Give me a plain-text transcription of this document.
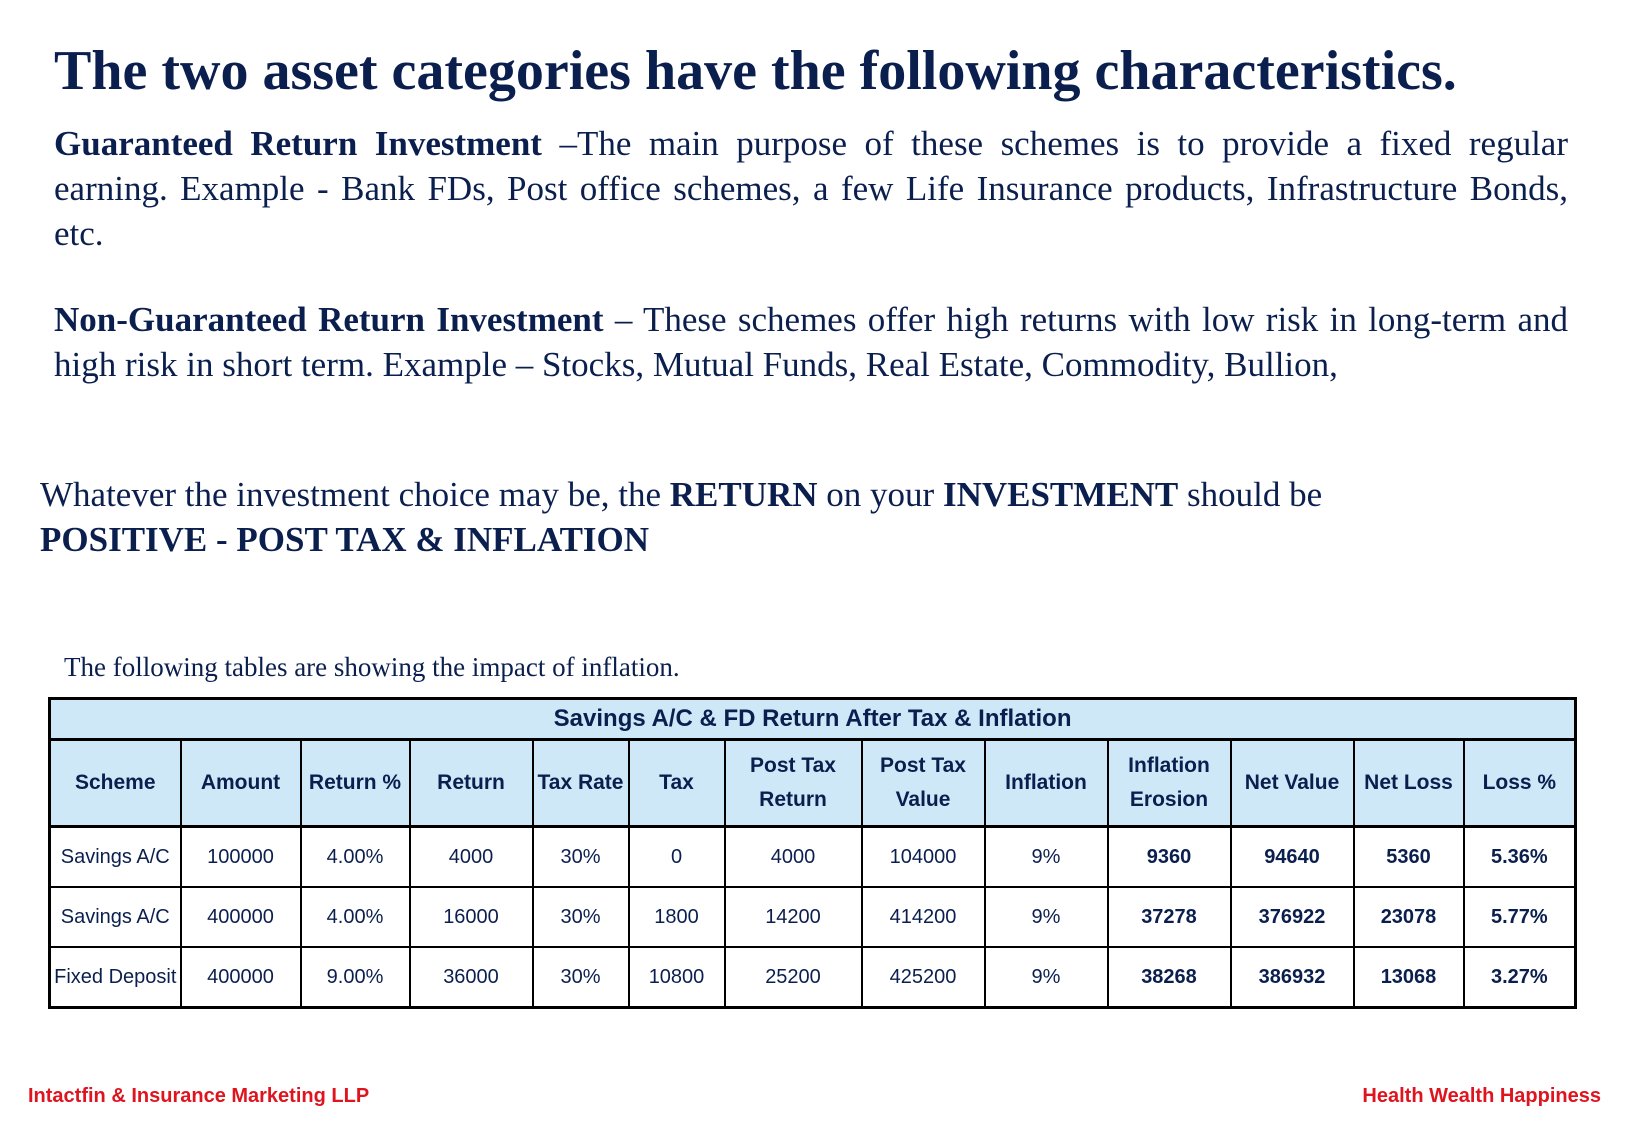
The two asset categories have the following characteristics.

Guaranteed Return Investment –The main purpose of these schemes is to provide a fixed regular earning. Example - Bank FDs, Post office schemes, a few Life Insurance products, Infrastructure Bonds, etc.

Non-Guaranteed Return Investment – These schemes offer high returns with low risk in long-term and high risk in short term. Example – Stocks, Mutual Funds, Real Estate, Commodity, Bullion,

Whatever the investment choice may be, the RETURN on your INVESTMENT should be
POSITIVE - POST TAX & INFLATION

The following tables are showing the impact of inflation.

Savings A/C & FD Return After Tax & Inflation												
Scheme	Amount	Return %	Return	Tax Rate	Tax	Post Tax Return	Post Tax Value	Inflation	Inflation Erosion	Net Value	Net Loss	Loss %
Savings A/C	100000	4.00%	4000	30%	0	4000	104000	9%	9360	94640	5360	5.36%
Savings A/C	400000	4.00%	16000	30%	1800	14200	414200	9%	37278	376922	23078	5.77%
Fixed Deposit	400000	9.00%	36000	30%	10800	25200	425200	9%	38268	386932	13068	3.27%

Intactfin & Insurance Marketing LLP	Health Wealth Happiness
